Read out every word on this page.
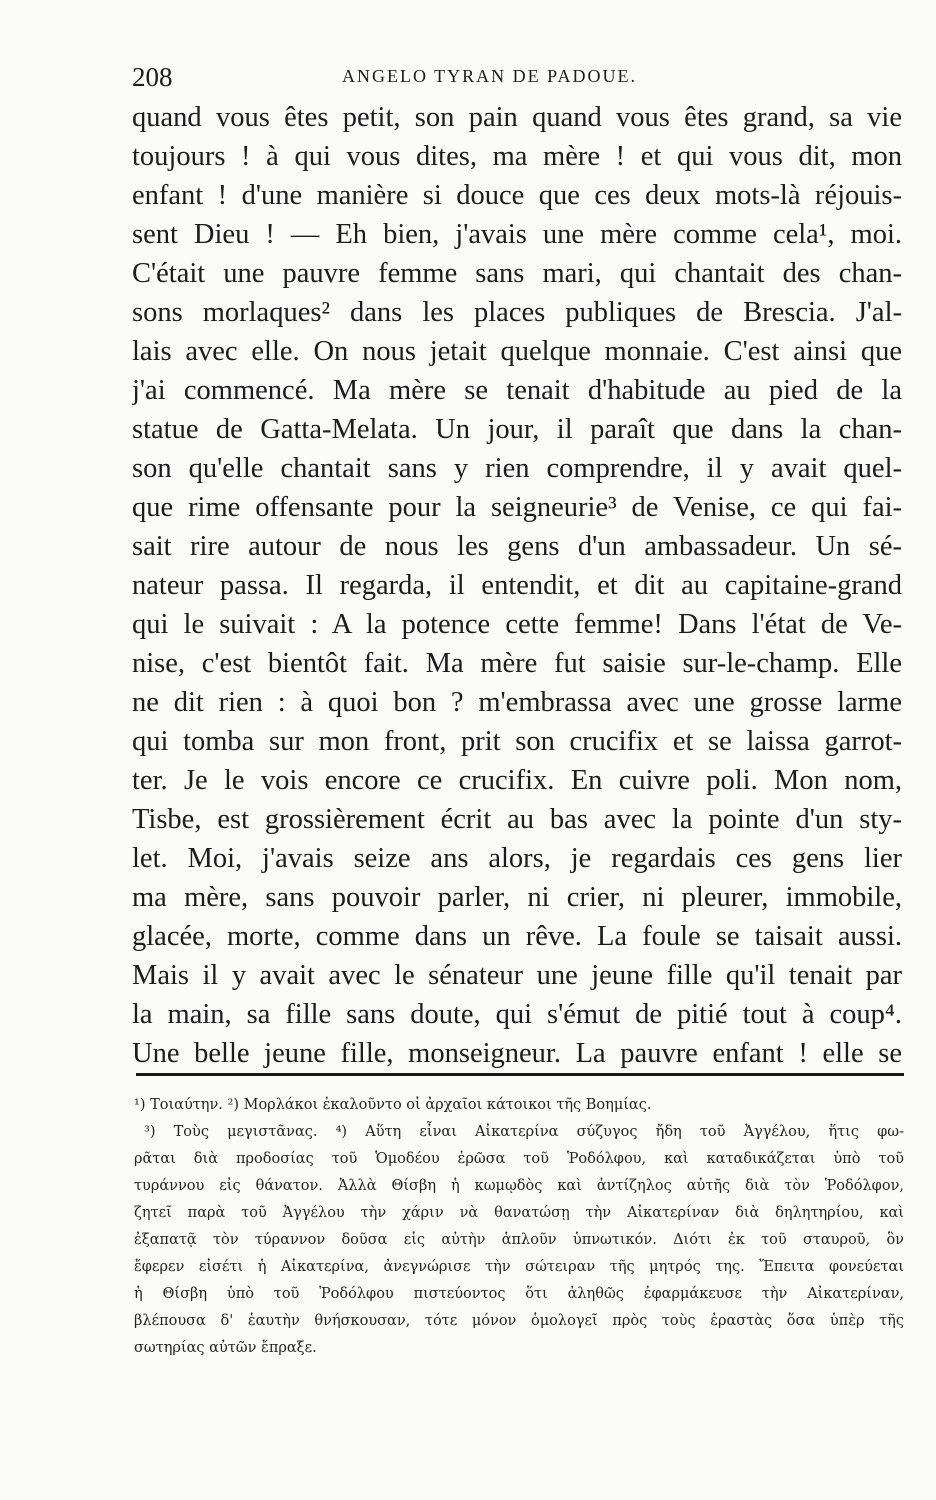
208	ANGELO TYRAN DE PADOUE.
quand vous êtes petit, son pain quand vous êtes grand, sa vie
toujours ! à qui vous dites, ma mère ! et qui vous dit, mon
enfant ! d'une manière si douce que ces deux mots-là réjouis-
sent Dieu ! — Eh bien, j'avais une mère comme cela¹, moi.
C'était une pauvre femme sans mari, qui chantait des chan-
sons morlaques² dans les places publiques de Brescia. J'al-
lais avec elle. On nous jetait quelque monnaie. C'est ainsi que
j'ai commencé. Ma mère se tenait d'habitude au pied de la
statue de Gatta-Melata. Un jour, il paraît que dans la chan-
son qu'elle chantait sans y rien comprendre, il y avait quel-
que rime offensante pour la seigneurie³ de Venise, ce qui fai-
sait rire autour de nous les gens d'un ambassadeur. Un sé-
nateur passa. Il regarda, il entendit, et dit au capitaine-grand
qui le suivait : A la potence cette femme! Dans l'état de Ve-
nise, c'est bientôt fait. Ma mère fut saisie sur-le-champ. Elle
ne dit rien : à quoi bon ? m'embrassa avec une grosse larme
qui tomba sur mon front, prit son crucifix et se laissa garrot-
ter. Je le vois encore ce crucifix. En cuivre poli. Mon nom,
Tisbe, est grossièrement écrit au bas avec la pointe d'un sty-
let. Moi, j'avais seize ans alors, je regardais ces gens lier
ma mère, sans pouvoir parler, ni crier, ni pleurer, immobile,
glacée, morte, comme dans un rêve. La foule se taisait aussi.
Mais il y avait avec le sénateur une jeune fille qu'il tenait par
la main, sa fille sans doute, qui s'émut de pitié tout à coup⁴.
Une belle jeune fille, monseigneur. La pauvre enfant ! elle se
¹) Τοιαύτην. ²) Μορλάκοι ἐκαλοῦντο οἱ ἀρχαῖοι κάτοικοι τῆς Βοημίας.
³) Τοὺς μεγιστᾶνας. ⁴) Αὕτη εἶναι Αἰκατερίνα σύζυγος ἤδη τοῦ Ἀγγέλου, ἥτις φω-
ρᾶται διὰ προδοσίας τοῦ Ὁμοδέου ἐρῶσα τοῦ Ῥοδόλφου, καὶ καταδικάζεται ὑπὸ τοῦ
τυράννου εἰς θάνατον. Ἀλλὰ Θίσβη ἡ κωμῳδὸς καὶ ἀντίζηλος αὐτῆς διὰ τὸν Ῥοδόλφον,
ζητεῖ παρὰ τοῦ Ἀγγέλου τὴν χάριν νὰ θανατώσῃ τὴν Αἰκατερίναν διὰ δηλητηρίου, καὶ
ἐξαπατᾷ τὸν τύραννον δοῦσα εἰς αὐτὴν ἁπλοῦν ὑπνωτικόν. Διότι ἐκ τοῦ σταυροῦ, ὃν
ἔφερεν εἰσέτι ἡ Αἰκατερίνα, ἀνεγνώρισε τὴν σώτειραν τῆς μητρός της. Ἔπειτα φονεύεται
ἡ Θίσβη ὑπὸ τοῦ Ῥοδόλφου πιστεύοντος ὅτι ἀληθῶς ἐφαρμάκευσε τὴν Αἰκατερίναν,
βλέπουσα δ' ἑαυτὴν θνήσκουσαν, τότε μόνον ὁμολογεῖ πρὸς τοὺς ἐραστὰς ὅσα ὑπὲρ τῆς
σωτηρίας αὐτῶν ἔπραξε.
